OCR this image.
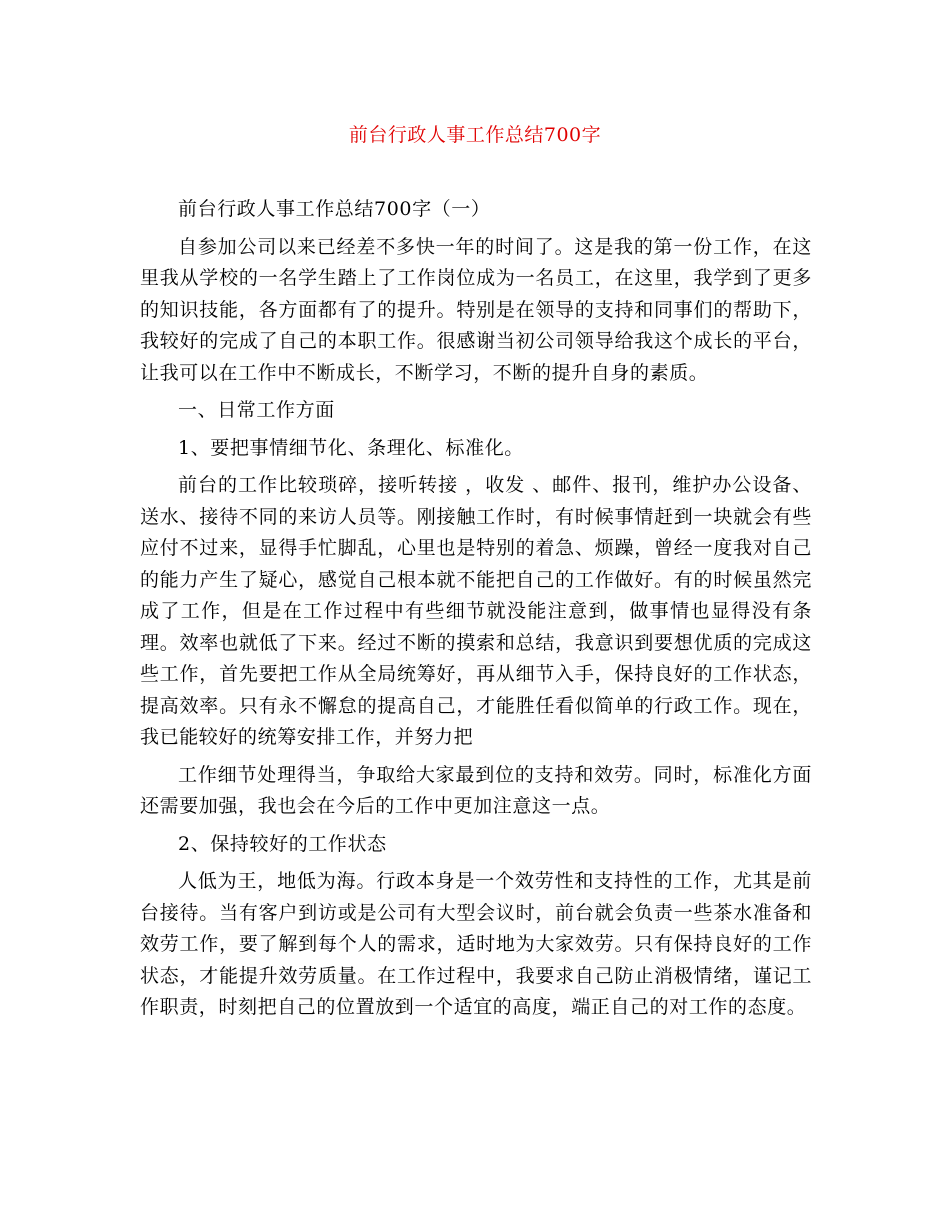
前台行政人事工作总结700字

前台行政人事工作总结700字（一）

自参加公司以来已经差不多快一年的时间了。这是我的第一份工作，在这里我从学校的一名学生踏上了工作岗位成为一名员工，在这里，我学到了更多的知识技能，各方面都有了的提升。特别是在领导的支持和同事们的帮助下，我较好的完成了自己的本职工作。很感谢当初公司领导给我这个成长的平台，让我可以在工作中不断成长，不断学习，不断的提升自身的素质。

一、日常工作方面

1、要把事情细节化、条理化、标准化。

前台的工作比较琐碎，接听转接 ，收发 、邮件、报刊，维护办公设备、送水、接待不同的来访人员等。刚接触工作时，有时候事情赶到一块就会有些应付不过来，显得手忙脚乱，心里也是特别的着急、烦躁，曾经一度我对自己的能力产生了疑心，感觉自己根本就不能把自己的工作做好。有的时候虽然完成了工作，但是在工作过程中有些细节就没能注意到，做事情也显得没有条理。效率也就低了下来。经过不断的摸索和总结，我意识到要想优质的完成这些工作，首先要把工作从全局统筹好，再从细节入手，保持良好的工作状态，提高效率。只有永不懈怠的提高自己，才能胜任看似简单的行政工作。现在，我已能较好的统筹安排工作，并努力把

工作细节处理得当，争取给大家最到位的支持和效劳。同时，标准化方面还需要加强，我也会在今后的工作中更加注意这一点。

2、保持较好的工作状态

人低为王，地低为海。行政本身是一个效劳性和支持性的工作，尤其是前台接待。当有客户到访或是公司有大型会议时，前台就会负责一些茶水准备和效劳工作，要了解到每个人的需求，适时地为大家效劳。只有保持良好的工作状态，才能提升效劳质量。在工作过程中，我要求自己防止消极情绪，谨记工作职责，时刻把自己的位置放到一个适宜的高度，端正自己的对工作的态度。
